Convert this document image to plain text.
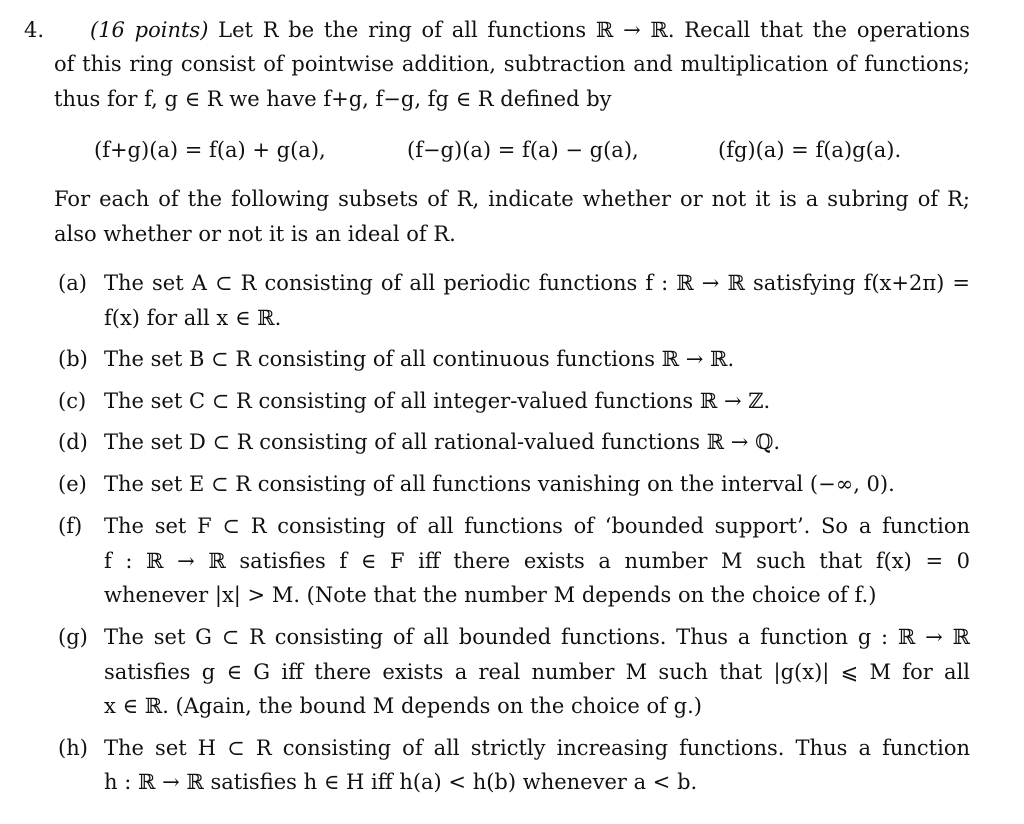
4.	(16 points) Let R be the ring of all functions ℝ → ℝ. Recall that the operations
of this ring consist of pointwise addition, subtraction and multiplication of functions;
thus for f, g ∈ R we have f+g, f−g, fg ∈ R defined by
(f+g)(a) = f(a) + g(a),	(f−g)(a) = f(a) − g(a),	(fg)(a) = f(a)g(a).
For each of the following subsets of R, indicate whether or not it is a subring of R;
also whether or not it is an ideal of R.
(a) The set A ⊂ R consisting of all periodic functions f : ℝ → ℝ satisfying f(x+2π) =
f(x) for all x ∈ ℝ.
(b) The set B ⊂ R consisting of all continuous functions ℝ → ℝ.
(c) The set C ⊂ R consisting of all integer-valued functions ℝ → ℤ.
(d) The set D ⊂ R consisting of all rational-valued functions ℝ → ℚ.
(e) The set E ⊂ R consisting of all functions vanishing on the interval (−∞, 0).
(f) The set F ⊂ R consisting of all functions of ‘bounded support’. So a function
f : ℝ → ℝ satisfies f ∈ F iff there exists a number M such that f(x) = 0
whenever |x| > M. (Note that the number M depends on the choice of f.)
(g) The set G ⊂ R consisting of all bounded functions. Thus a function g : ℝ → ℝ
satisfies g ∈ G iff there exists a real number M such that |g(x)| ⩽ M for all
x ∈ ℝ. (Again, the bound M depends on the choice of g.)
(h) The set H ⊂ R consisting of all strictly increasing functions. Thus a function
h : ℝ → ℝ satisfies h ∈ H iff h(a) < h(b) whenever a < b.
